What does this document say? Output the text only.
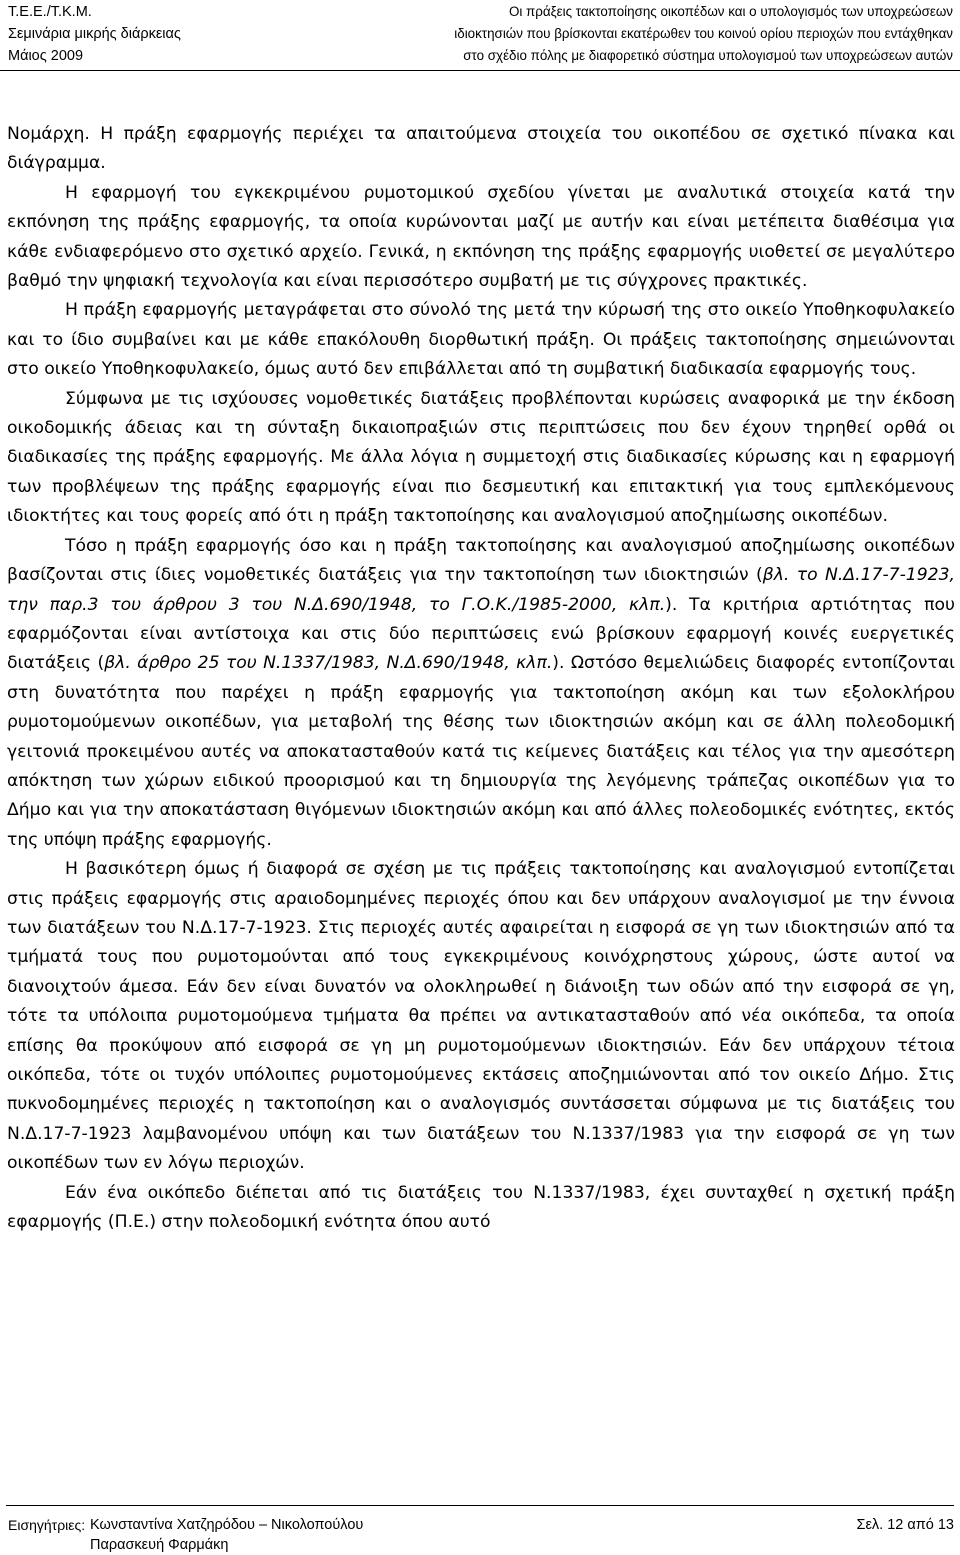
Τ.Ε.Ε./Τ.Κ.Μ.
Σεμινάρια μικρής διάρκειας
Μάιος 2009
Οι πράξεις τακτοποίησης οικοπέδων και ο υπολογισμός των υποχρεώσεων
ιδιοκτησιών που βρίσκονται εκατέρωθεν του κοινού ορίου περιοχών που εντάχθηκαν
στο σχέδιο πόλης με διαφορετικό σύστημα υπολογισμού των υποχρεώσεων αυτών

Νομάρχη. Η πράξη εφαρμογής περιέχει τα απαιτούμενα στοιχεία του οικοπέδου σε σχετικό πίνακα και διάγραμμα.

Η εφαρμογή του εγκεκριμένου ρυμοτομικού σχεδίου γίνεται με αναλυτικά στοιχεία κατά την εκπόνηση της πράξης εφαρμογής, τα οποία κυρώνονται μαζί με αυτήν και είναι μετέπειτα διαθέσιμα για κάθε ενδιαφερόμενο στο σχετικό αρχείο. Γενικά, η εκπόνηση της πράξης εφαρμογής υιοθετεί σε μεγαλύτερο βαθμό την ψηφιακή τεχνολογία και είναι περισσότερο συμβατή με τις σύγχρονες πρακτικές.

Η πράξη εφαρμογής μεταγράφεται στο σύνολό της μετά την κύρωσή της στο οικείο Υποθηκοφυλακείο και το ίδιο συμβαίνει και με κάθε επακόλουθη διορθωτική πράξη. Οι πράξεις τακτοποίησης σημειώνονται στο οικείο Υποθηκοφυλακείο, όμως αυτό δεν επιβάλλεται από τη συμβατική διαδικασία εφαρμογής τους.

Σύμφωνα με τις ισχύουσες νομοθετικές διατάξεις προβλέπονται κυρώσεις αναφορικά με την έκδοση οικοδομικής άδειας και τη σύνταξη δικαιοπραξιών στις περιπτώσεις που δεν έχουν τηρηθεί ορθά οι διαδικασίες της πράξης εφαρμογής. Με άλλα λόγια η συμμετοχή στις διαδικασίες κύρωσης και η εφαρμογή των προβλέψεων της πράξης εφαρμογής είναι πιο δεσμευτική και επιτακτική για τους εμπλεκόμενους ιδιοκτήτες και τους φορείς από ότι η πράξη τακτοποίησης και αναλογισμού αποζημίωσης οικοπέδων.

Τόσο η πράξη εφαρμογής όσο και η πράξη τακτοποίησης και αναλογισμού αποζημίωσης οικοπέδων βασίζονται στις ίδιες νομοθετικές διατάξεις για την τακτοποίηση των ιδιοκτησιών (βλ. το Ν.Δ.17-7-1923, την παρ.3 του άρθρου 3 του Ν.Δ.690/1948, το Γ.Ο.Κ./1985-2000, κλπ.). Τα κριτήρια αρτιότητας που εφαρμόζονται είναι αντίστοιχα και στις δύο περιπτώσεις ενώ βρίσκουν εφαρμογή κοινές ευεργετικές διατάξεις (βλ. άρθρο 25 του Ν.1337/1983, Ν.Δ.690/1948, κλπ.). Ωστόσο θεμελιώδεις διαφορές εντοπίζονται στη δυνατότητα που παρέχει η πράξη εφαρμογής για τακτοποίηση ακόμη και των εξολοκλήρου ρυμοτομούμενων οικοπέδων, για μεταβολή της θέσης των ιδιοκτησιών ακόμη και σε άλλη πολεοδομική γειτονιά προκειμένου αυτές να αποκατασταθούν κατά τις κείμενες διατάξεις και τέλος για την αμεσότερη απόκτηση των χώρων ειδικού προορισμού και τη δημιουργία της λεγόμενης τράπεζας οικοπέδων για το Δήμο και για την αποκατάσταση θιγόμενων ιδιοκτησιών ακόμη και από άλλες πολεοδομικές ενότητες, εκτός της υπόψη πράξης εφαρμογής.

Η βασικότερη όμως ή διαφορά σε σχέση με τις πράξεις τακτοποίησης και αναλογισμού εντοπίζεται στις πράξεις εφαρμογής στις αραιοδομημένες περιοχές όπου και δεν υπάρχουν αναλογισμοί με την έννοια των διατάξεων του Ν.Δ.17-7-1923. Στις περιοχές αυτές αφαιρείται η εισφορά σε γη των ιδιοκτησιών από τα τμήματά τους που ρυμοτομούνται από τους εγκεκριμένους κοινόχρηστους χώρους, ώστε αυτοί να διανοιχτούν άμεσα. Εάν δεν είναι δυνατόν να ολοκληρωθεί η διάνοιξη των οδών από την εισφορά σε γη, τότε τα υπόλοιπα ρυμοτομούμενα τμήματα θα πρέπει να αντικατασταθούν από νέα οικόπεδα, τα οποία επίσης θα προκύψουν από εισφορά σε γη μη ρυμοτομούμενων ιδιοκτησιών. Εάν δεν υπάρχουν τέτοια οικόπεδα, τότε οι τυχόν υπόλοιπες ρυμοτομούμενες εκτάσεις αποζημιώνονται από τον οικείο Δήμο. Στις πυκνοδομημένες περιοχές η τακτοποίηση και ο αναλογισμός συντάσσεται σύμφωνα με τις διατάξεις του Ν.Δ.17-7-1923 λαμβανομένου υπόψη και των διατάξεων του Ν.1337/1983 για την εισφορά σε γη των οικοπέδων των εν λόγω περιοχών.

Εάν ένα οικόπεδο διέπεται από τις διατάξεις του Ν.1337/1983, έχει συνταχθεί η σχετική πράξη εφαρμογής (Π.Ε.) στην πολεοδομική ενότητα όπου αυτό

Εισηγήτριες: Κωνσταντίνα Χατζηρόδου – Νικολοπούλου
Παρασκευή Φαρμάκη
Σελ. 12 από 13
